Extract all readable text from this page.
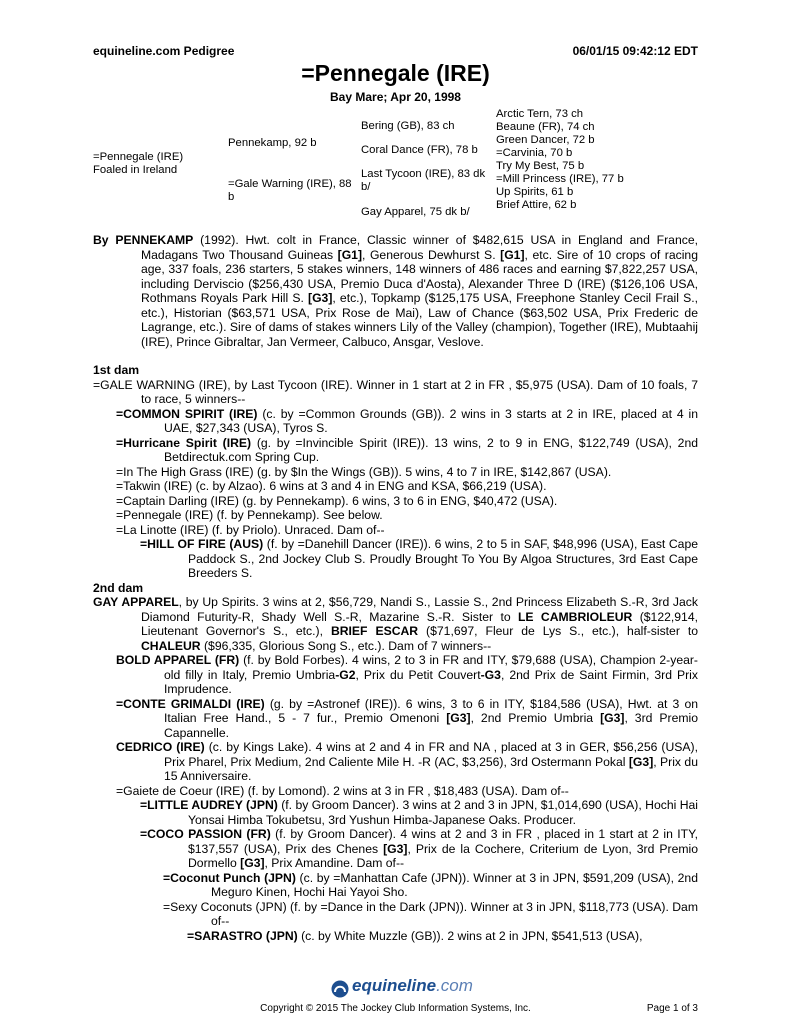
equineline.com Pedigree	06/01/15 09:42:12 EDT
=Pennegale (IRE)
Bay Mare; Apr 20, 1998
=Pennegale (IRE)
Foaled in Ireland
Pennekamp, 92 b
=Gale Warning (IRE), 88 b
Bering (GB), 83 ch
Coral Dance (FR), 78 b
Last Tycoon (IRE), 83 dk b/
Gay Apparel, 75 dk b/
Arctic Tern, 73 ch
Beaune (FR), 74 ch
Green Dancer, 72 b
=Carvinia, 70 b
Try My Best, 75 b
=Mill Princess (IRE), 77 b
Up Spirits, 61 b
Brief Attire, 62 b
By PENNEKAMP (1992). Hwt. colt in France, Classic winner of $482,615 USA in England and France, Madagans Two Thousand Guineas [G1], Generous Dewhurst S. [G1], etc. Sire of 10 crops of racing age, 337 foals, 236 starters, 5 stakes winners, 148 winners of 486 races and earning $7,822,257 USA, including Derviscio ($256,430 USA, Premio Duca d'Aosta), Alexander Three D (IRE) ($126,106 USA, Rothmans Royals Park Hill S. [G3], etc.), Topkamp ($125,175 USA, Freephone Stanley Cecil Frail S., etc.), Historian ($63,571 USA, Prix Rose de Mai), Law of Chance ($63,502 USA, Prix Frederic de Lagrange, etc.). Sire of dams of stakes winners Lily of the Valley (champion), Together (IRE), Mubtaahij (IRE), Prince Gibraltar, Jan Vermeer, Calbuco, Ansgar, Veslove.
1st dam
=GALE WARNING (IRE), by Last Tycoon (IRE). Winner in 1 start at 2 in FR , $5,975 (USA). Dam of 10 foals, 7 to race, 5 winners--
=COMMON SPIRIT (IRE) (c. by =Common Grounds (GB)). 2 wins in 3 starts at 2 in IRE, placed at 4 in UAE, $27,343 (USA), Tyros S.
=Hurricane Spirit (IRE) (g. by =Invincible Spirit (IRE)). 13 wins, 2 to 9 in ENG, $122,749 (USA), 2nd Betdirectuk.com Spring Cup.
=In The High Grass (IRE) (g. by $In the Wings (GB)). 5 wins, 4 to 7 in IRE, $142,867 (USA).
=Takwin (IRE) (c. by Alzao). 6 wins at 3 and 4 in ENG and KSA, $66,219 (USA).
=Captain Darling (IRE) (g. by Pennekamp). 6 wins, 3 to 6 in ENG, $40,472 (USA).
=Pennegale (IRE) (f. by Pennekamp). See below.
=La Linotte (IRE) (f. by Priolo). Unraced. Dam of--
=HILL OF FIRE (AUS) (f. by =Danehill Dancer (IRE)). 6 wins, 2 to 5 in SAF, $48,996 (USA), East Cape Paddock S., 2nd Jockey Club S. Proudly Brought To You By Algoa Structures, 3rd East Cape Breeders S.
2nd dam
GAY APPAREL, by Up Spirits. 3 wins at 2, $56,729, Nandi S., Lassie S., 2nd Princess Elizabeth S.-R, 3rd Jack Diamond Futurity-R, Shady Well S.-R, Mazarine S.-R. Sister to LE CAMBRIOLEUR ($122,914, Lieutenant Governor's S., etc.), BRIEF ESCAR ($71,697, Fleur de Lys S., etc.), half-sister to CHALEUR ($96,335, Glorious Song S., etc.). Dam of 7 winners--
BOLD APPAREL (FR) (f. by Bold Forbes). 4 wins, 2 to 3 in FR and ITY, $79,688 (USA), Champion 2-year-old filly in Italy, Premio Umbria-G2, Prix du Petit Couvert-G3, 2nd Prix de Saint Firmin, 3rd Prix Imprudence.
=CONTE GRIMALDI (IRE) (g. by =Astronef (IRE)). 6 wins, 3 to 6 in ITY, $184,586 (USA), Hwt. at 3 on Italian Free Hand., 5 - 7 fur., Premio Omenoni [G3], 2nd Premio Umbria [G3], 3rd Premio Capannelle.
CEDRICO (IRE) (c. by Kings Lake). 4 wins at 2 and 4 in FR and NA , placed at 3 in GER, $56,256 (USA), Prix Pharel, Prix Medium, 2nd Caliente Mile H. -R (AC, $3,256), 3rd Ostermann Pokal [G3], Prix du 15 Anniversaire.
=Gaiete de Coeur (IRE) (f. by Lomond). 2 wins at 3 in FR , $18,483 (USA). Dam of--
=LITTLE AUDREY (JPN) (f. by Groom Dancer). 3 wins at 2 and 3 in JPN, $1,014,690 (USA), Hochi Hai Yonsai Himba Tokubetsu, 3rd Yushun Himba-Japanese Oaks. Producer.
=COCO PASSION (FR) (f. by Groom Dancer). 4 wins at 2 and 3 in FR , placed in 1 start at 2 in ITY, $137,557 (USA), Prix des Chenes [G3], Prix de la Cochere, Criterium de Lyon, 3rd Premio Dormello [G3], Prix Amandine. Dam of--
=Coconut Punch (JPN) (c. by =Manhattan Cafe (JPN)). Winner at 3 in JPN, $591,209 (USA), 2nd Meguro Kinen, Hochi Hai Yayoi Sho.
=Sexy Coconuts (JPN) (f. by =Dance in the Dark (JPN)). Winner at 3 in JPN, $118,773 (USA). Dam of--
=SARASTRO (JPN) (c. by White Muzzle (GB)). 2 wins at 2 in JPN, $541,513 (USA),
equineline.com
Copyright © 2015 The Jockey Club Information Systems, Inc.	Page 1 of 3
